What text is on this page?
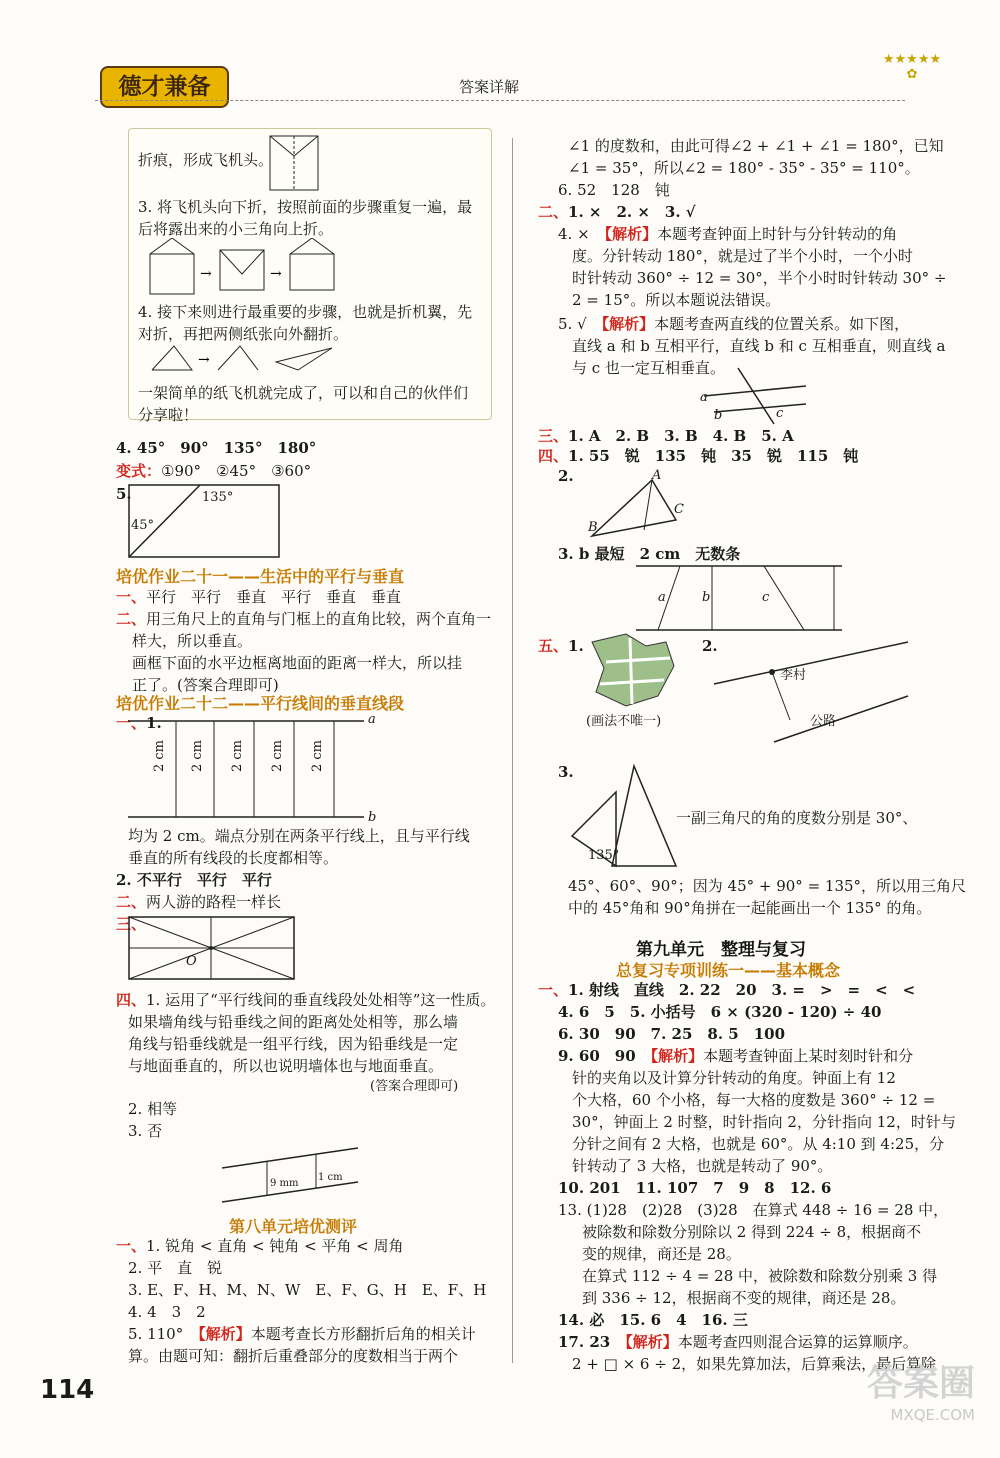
德才兼备	答案详解
★★★★★
✿
折痕，形成飞机头。
3. 将飞机头向下折，按照前面的步骤重复一遍，最
后将露出来的小三角向上折。
→	→
4. 接下来则进行最重要的步骤，也就是折机翼，先
对折，再把两侧纸张向外翻折。
→
一架简单的纸飞机就完成了，可以和自己的伙伴们
分享啦！
4. 45°　90°　135°　180°
变式：①90°　②45°　③60°
5.	135°
45°
培优作业二十一——生活中的平行与垂直
一、平行　平行　垂直　平行　垂直　垂直
二、用三角尺上的直角与门框上的直角比较，两个直角一
样大，所以垂直。
画框下面的水平边框离地面的距离一样大，所以挂
正了。(答案合理即可)
培优作业二十二——平行线间的垂直线段
一、1.	a
b
2 cm 2 cm 2 cm 2 cm 2 cm
均为 2 cm。端点分别在两条平行线上，且与平行线
垂直的所有线段的长度都相等。
2. 不平行　平行　平行
二、两人游的路程一样长
三、
O
四、1. 运用了“平行线间的垂直线段处处相等”这一性质。
如果墙角线与铅垂线之间的距离处处相等，那么墙
角线与铅垂线就是一组平行线，因为铅垂线是一定
与地面垂直的，所以也说明墙体也与地面垂直。
(答案合理即可)
2. 相等
3. 否
9 mm
1 cm
第八单元培优测评
一、1. 锐角 < 直角 < 钝角 < 平角 < 周角
2. 平　直　锐
3. E、F、H、M、N、W　E、F、G、H　E、F、H
4. 4　3　2
5. 110°　【解析】本题考查长方形翻折后角的相关计
算。由题可知：翻折后重叠部分的度数相当于两个
∠1 的度数和，由此可得∠2 + ∠1 + ∠1 = 180°，已知
∠1 = 35°，所以∠2 = 180° - 35° - 35° = 110°。
6. 52　128　钝
二、1. ×　2. ×　3. √
4. ×　【解析】本题考查钟面上时针与分针转动的角
度。分针转动 180°，就是过了半个小时，一个小时
时针转动 360° ÷ 12 = 30°，半个小时时针转动 30° ÷
2 = 15°。所以本题说法错误。
5. √　【解析】本题考查两直线的位置关系。如下图，
直线 a 和 b 互相平行，直线 b 和 c 互相垂直，则直线 a
与 c 也一定互相垂直。
a
b	c
三、1. A　2. B　3. B　4. B　5. A
四、1. 55　锐　135　钝　35　锐　115　钝
2.	A
B
C
3. b 最短　2 cm　无数条
a	b	c
五、1.
(画法不唯一)
2.
李村
公路
3.
135°
一副三角尺的角的度数分别是 30°、
45°、60°、90°；因为 45° + 90° = 135°，所以用三角尺
中的 45°角和 90°角拼在一起能画出一个 135° 的角。
第九单元　整理与复习
总复习专项训练一——基本概念
一、1. 射线　直线　2. 22　20　3. =　>　=　<　<
4. 6　5　5. 小括号　6 × (320 - 120) ÷ 40
6. 30　90　7. 25　8. 5　100
9. 60　90　【解析】本题考查钟面上某时刻时针和分
针的夹角以及计算分针转动的角度。钟面上有 12
个大格，60 个小格，每一大格的度数是 360° ÷ 12 =
30°，钟面上 2 时整，时针指向 2，分针指向 12，时针与
分针之间有 2 大格，也就是 60°。从 4:10 到 4:25，分
针转动了 3 大格，也就是转动了 90°。
10. 201　11. 107　7　9　8　12. 6
13. (1)28　(2)28　(3)28　在算式 448 ÷ 16 = 28 中，
被除数和除数分别除以 2 得到 224 ÷ 8，根据商不
变的规律，商还是 28。
在算式 112 ÷ 4 = 28 中，被除数和除数分别乘 3 得
到 336 ÷ 12，根据商不变的规律，商还是 28。
14. 必　15. 6　4　16. 三
17. 23　【解析】本题考查四则混合运算的运算顺序。
2 + □ × 6 ÷ 2，如果先算加法，后算乘法，最后算除
114	答案圈
MXQE.COM
